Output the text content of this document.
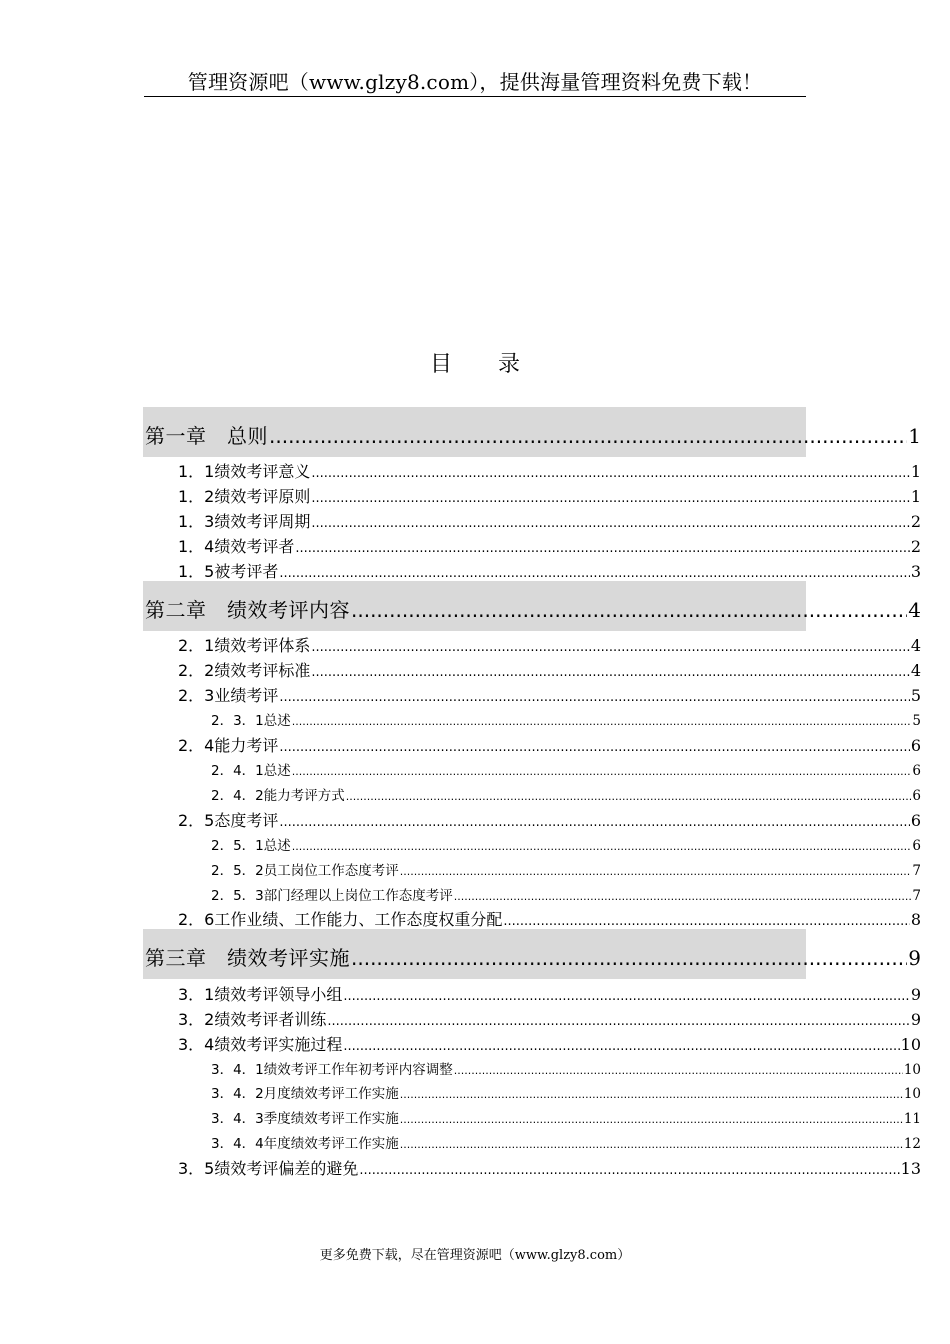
管理资源吧（www.glzy8.com），提供海量管理资料免费下载！
目 录
第一章　总则 .....	1
1．1绩效考评意义 .....	1
1．2绩效考评原则 .....	1
1．3绩效考评周期 .....	2
1．4绩效考评者 .....	2
1．5被考评者 .....	3
第二章　绩效考评内容 .....	4
2．1绩效考评体系 .....	4
2．2绩效考评标准 .....	4
2．3业绩考评 .....	5
2．3．1总述 .....	5
2．4能力考评 .....	6
2．4．1总述 .....	6
2．4．2能力考评方式 .....	6
2．5态度考评 .....	6
2．5．1总述 .....	6
2．5．2员工岗位工作态度考评 .....	7
2．5．3部门经理以上岗位工作态度考评 .....	7
2．6工作业绩、工作能力、工作态度权重分配 .....	8
第三章　绩效考评实施 .....	9
3．1绩效考评领导小组 .....	9
3．2绩效考评者训练 .....	9
3．4绩效考评实施过程 .....	10
3．4．1绩效考评工作年初考评内容调整 .....	10
3．4．2月度绩效考评工作实施 .....	10
3．4．3季度绩效考评工作实施 .....	11
3．4．4年度绩效考评工作实施 .....	12
3．5绩效考评偏差的避免 .....	13
更多免费下载，尽在管理资源吧（www.glzy8.com）
